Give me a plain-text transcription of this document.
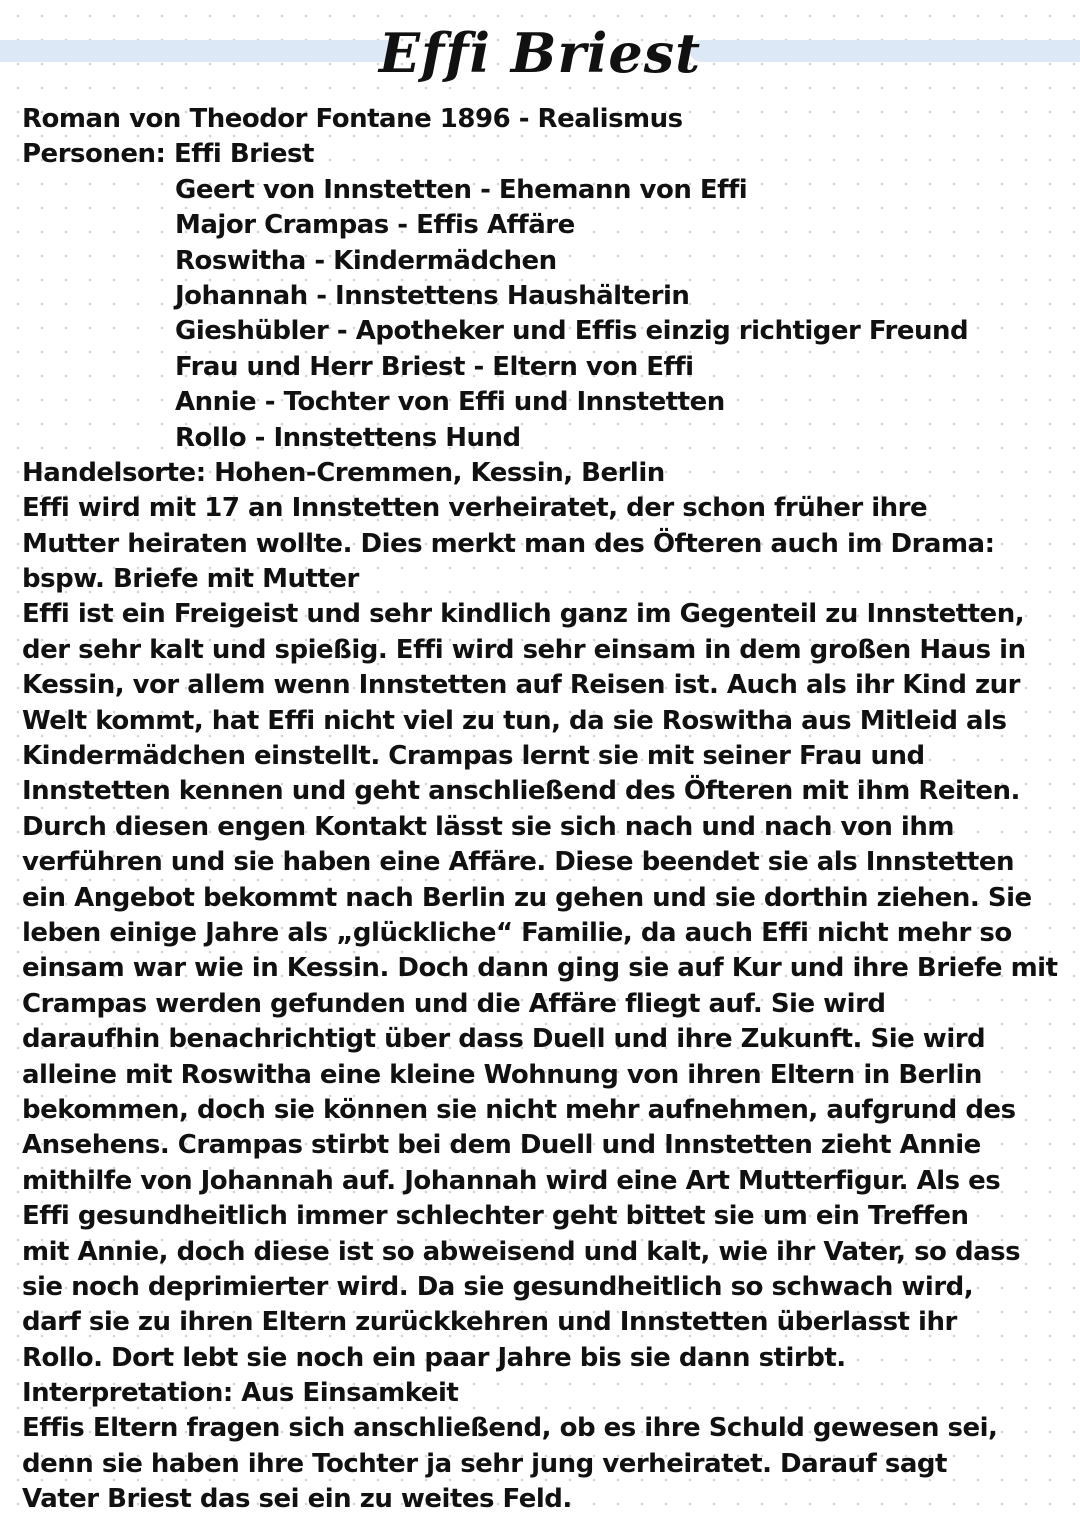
Effi Briest
Roman von Theodor Fontane 1896 - Realismus
Personen: Effi Briest
Geert von Innstetten - Ehemann von Effi
Major Crampas - Effis Affäre
Roswitha - Kindermädchen
Johannah - Innstettens Haushälterin
Gieshübler - Apotheker und Effis einzig richtiger Freund
Frau und Herr Briest - Eltern von Effi
Annie - Tochter von Effi und Innstetten
Rollo - Innstettens Hund
Handelsorte: Hohen-Cremmen, Kessin, Berlin
Effi wird mit 17 an Innstetten verheiratet, der schon früher ihre
Mutter heiraten wollte. Dies merkt man des Öfteren auch im Drama:
bspw. Briefe mit Mutter
Effi ist ein Freigeist und sehr kindlich ganz im Gegenteil zu Innstetten,
der sehr kalt und spießig. Effi wird sehr einsam in dem großen Haus in
Kessin, vor allem wenn Innstetten auf Reisen ist. Auch als ihr Kind zur
Welt kommt, hat Effi nicht viel zu tun, da sie Roswitha aus Mitleid als
Kindermädchen einstellt. Crampas lernt sie mit seiner Frau und
Innstetten kennen und geht anschließend des Öfteren mit ihm Reiten.
Durch diesen engen Kontakt lässt sie sich nach und nach von ihm
verführen und sie haben eine Affäre. Diese beendet sie als Innstetten
ein Angebot bekommt nach Berlin zu gehen und sie dorthin ziehen. Sie
leben einige Jahre als „glückliche“ Familie, da auch Effi nicht mehr so
einsam war wie in Kessin. Doch dann ging sie auf Kur und ihre Briefe mit
Crampas werden gefunden und die Affäre fliegt auf. Sie wird
daraufhin benachrichtigt über dass Duell und ihre Zukunft. Sie wird
alleine mit Roswitha eine kleine Wohnung von ihren Eltern in Berlin
bekommen, doch sie können sie nicht mehr aufnehmen, aufgrund des
Ansehens. Crampas stirbt bei dem Duell und Innstetten zieht Annie
mithilfe von Johannah auf. Johannah wird eine Art Mutterfigur. Als es
Effi gesundheitlich immer schlechter geht bittet sie um ein Treffen
mit Annie, doch diese ist so abweisend und kalt, wie ihr Vater, so dass
sie noch deprimierter wird. Da sie gesundheitlich so schwach wird,
darf sie zu ihren Eltern zurückkehren und Innstetten überlasst ihr
Rollo. Dort lebt sie noch ein paar Jahre bis sie dann stirbt.
Interpretation: Aus Einsamkeit
Effis Eltern fragen sich anschließend, ob es ihre Schuld gewesen sei,
denn sie haben ihre Tochter ja sehr jung verheiratet. Darauf sagt
Vater Briest das sei ein zu weites Feld.
